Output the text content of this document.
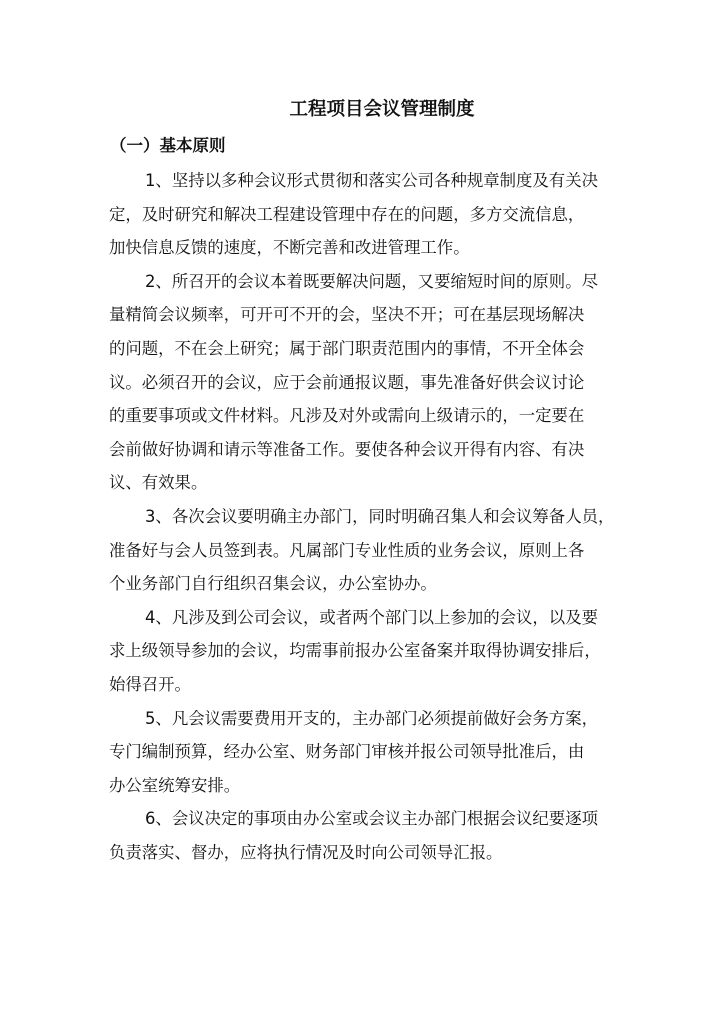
工程项目会议管理制度
（一）基本原则
1、坚持以多种会议形式贯彻和落实公司各种规章制度及有关决
定，及时研究和解决工程建设管理中存在的问题，多方交流信息，
加快信息反馈的速度，不断完善和改进管理工作。
2、所召开的会议本着既要解决问题，又要缩短时间的原则。尽
量精简会议频率，可开可不开的会，坚决不开；可在基层现场解决
的问题，不在会上研究；属于部门职责范围内的事情，不开全体会
议。必须召开的会议，应于会前通报议题，事先准备好供会议讨论
的重要事项或文件材料。凡涉及对外或需向上级请示的，一定要在
会前做好协调和请示等准备工作。要使各种会议开得有内容、有决
议、有效果。
3、各次会议要明确主办部门，同时明确召集人和会议筹备人员，
准备好与会人员签到表。凡属部门专业性质的业务会议，原则上各
个业务部门自行组织召集会议，办公室协办。
4、凡涉及到公司会议，或者两个部门以上参加的会议，以及要
求上级领导参加的会议，均需事前报办公室备案并取得协调安排后，
始得召开。
5、凡会议需要费用开支的，主办部门必须提前做好会务方案，
专门编制预算，经办公室、财务部门审核并报公司领导批准后，由
办公室统筹安排。
6、会议决定的事项由办公室或会议主办部门根据会议纪要逐项
负责落实、督办，应将执行情况及时向公司领导汇报。
